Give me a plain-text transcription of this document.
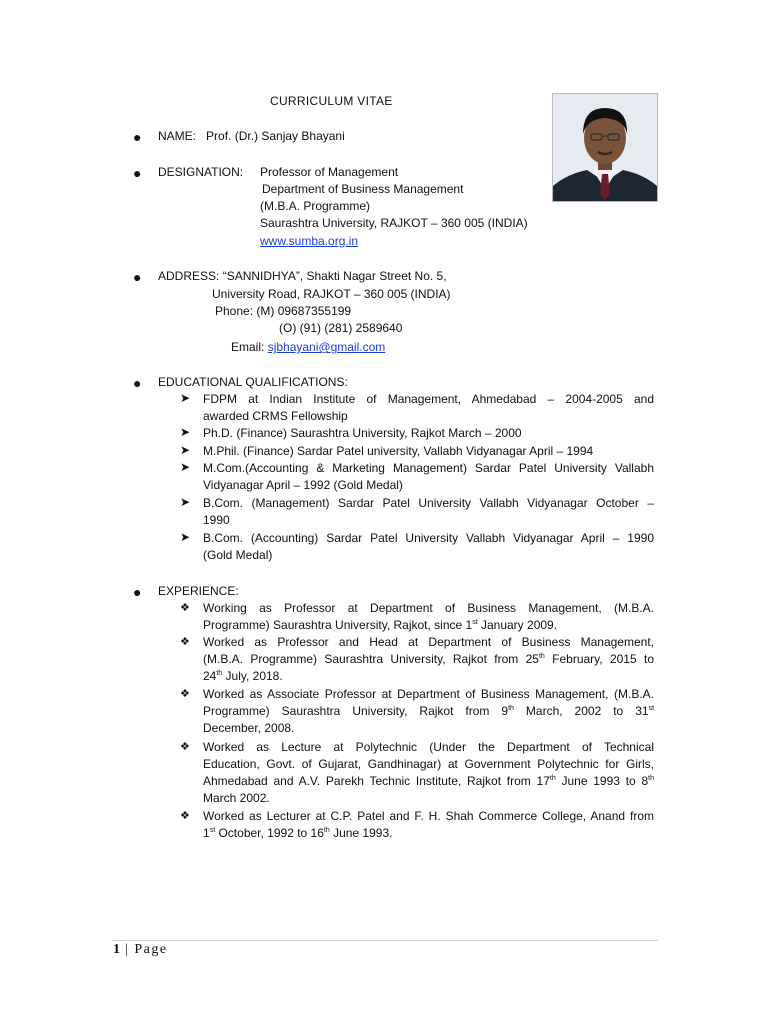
CURRICULUM VITAE
● NAME: Prof. (Dr.) Sanjay Bhayani
● DESIGNATION: Professor of Management
Department of Business Management
(M.B.A. Programme)
Saurashtra University, RAJKOT – 360 005 (INDIA)
www.sumba.org.in
● ADDRESS: “SANNIDHYA”, Shakti Nagar Street No. 5,
University Road, RAJKOT – 360 005 (INDIA)
Phone: (M) 09687355199
(O) (91) (281) 2589640
Email: sjbhayani@gmail.com
● EDUCATIONAL QUALIFICATIONS:
➤ FDPM at Indian Institute of Management, Ahmedabad – 2004-2005 and

awarded CRMS Fellowship

➤ Ph.D. (Finance) Saurashtra University, Rajkot March – 2000

➤ M.Phil. (Finance) Sardar Patel university, Vallabh Vidyanagar April – 1994

➤ M.Com.(Accounting & Marketing Management) Sardar Patel University Vallabh

Vidyanagar April – 1992 (Gold Medal)

➤ B.Com. (Management) Sardar Patel University Vallabh Vidyanagar October –

1990

➤ B.Com. (Accounting) Sardar Patel University Vallabh Vidyanagar April – 1990

(Gold Medal)

● EXPERIENCE:
❖ Working as Professor at Department of Business Management, (M.B.A.

Programme) Saurashtra University, Rajkot, since 1st January 2009.

❖ Worked as Professor and Head at Department of Business Management,

(M.B.A. Programme) Saurashtra University, Rajkot from 25th February, 2015 to

24th July, 2018.

❖ Worked as Associate Professor at Department of Business Management, (M.B.A.

Programme) Saurashtra University, Rajkot from 9th March, 2002 to 31st

December, 2008.

❖ Worked as Lecture at Polytechnic (Under the Department of Technical

Education, Govt. of Gujarat, Gandhinagar) at Government Polytechnic for Girls,

Ahmedabad and A.V. Parekh Technic Institute, Rajkot from 17th June 1993 to 8th

March 2002.

❖ Worked as Lecturer at C.P. Patel and F. H. Shah Commerce College, Anand from

1st October, 1992 to 16th June 1993.

1 | Page
